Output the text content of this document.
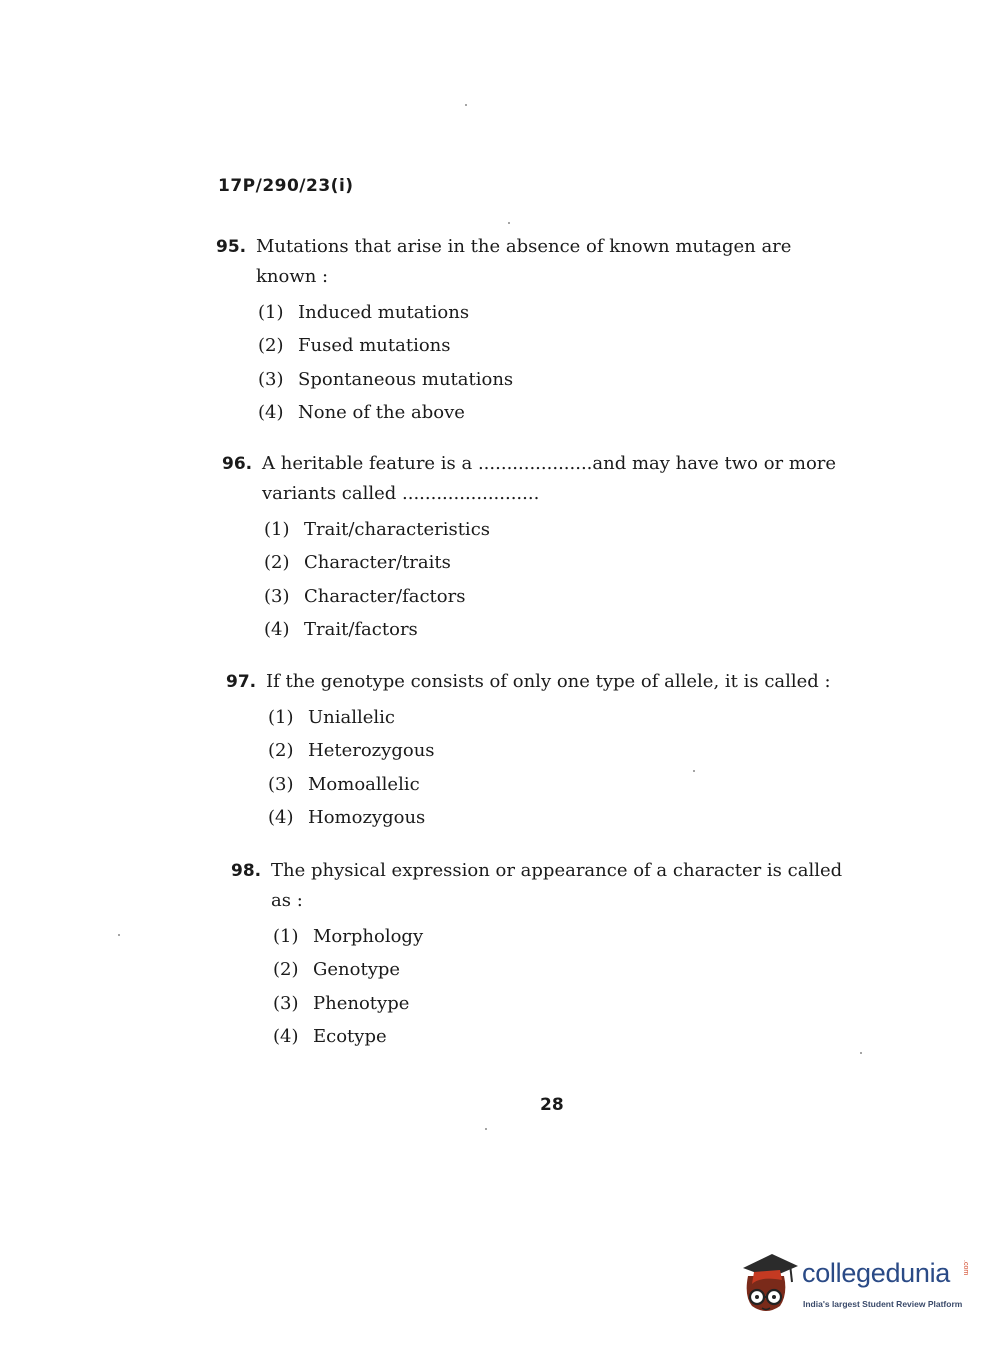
17P/290/23(i)
95. Mutations that arise in the absence of known mutagen are known :
(1) Induced mutations
(2) Fused mutations
(3) Spontaneous mutations
(4) None of the above
96. A heritable feature is a ....................and may have two or more variants called ........................
(1) Trait/characteristics
(2) Character/traits
(3) Character/factors
(4) Trait/factors
97. If the genotype consists of only one type of allele, it is called :
(1) Uniallelic
(2) Heterozygous
(3) Momoallelic
(4) Homozygous
98. The physical expression or appearance of a character is called as :
(1) Morphology
(2) Genotype
(3) Phenotype
(4) Ecotype
28
collegedunia .com
India's largest Student Review Platform
